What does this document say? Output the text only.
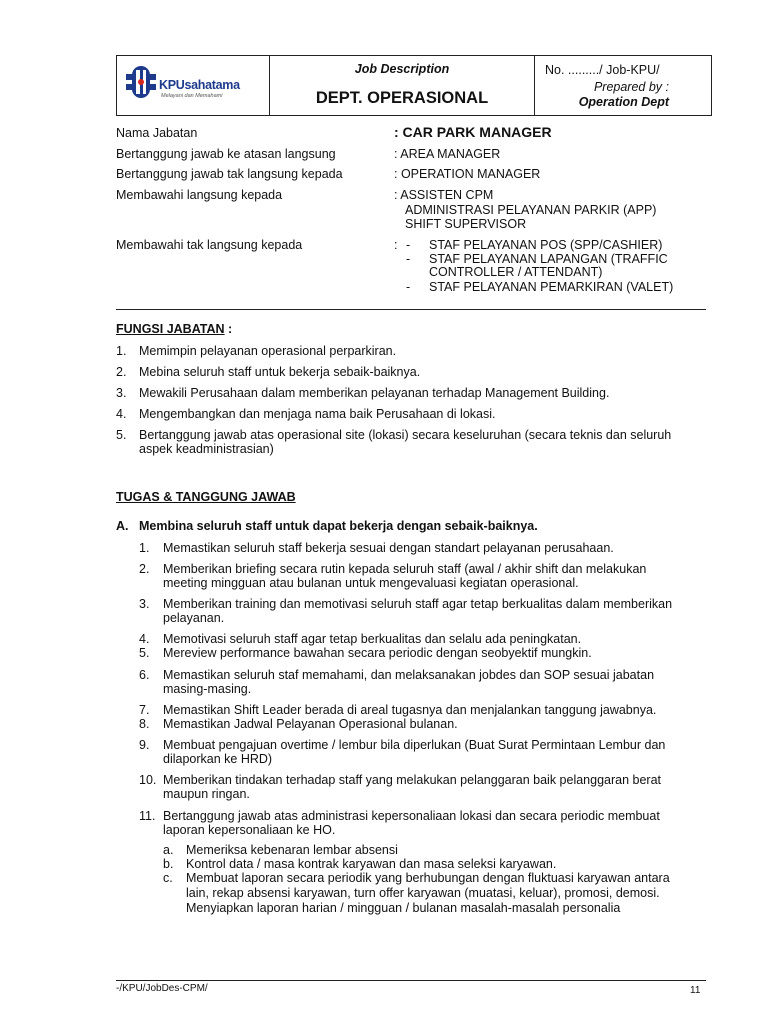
KPUsahatama
Melayani dan Memahami
Job Description
DEPT. OPERASIONAL
No. ........./ Job-KPU/
Prepared by :
Operation Dept
Nama Jabatan	: CAR PARK MANAGER
Bertanggung jawab ke atasan langsung	: AREA MANAGER
Bertanggung jawab tak langsung kepada	: OPERATION MANAGER
Membawahi langsung kepada	: ASSISTEN CPM
ADMINISTRASI PELAYANAN PARKIR (APP)
SHIFT SUPERVISOR
Membawahi tak langsung kepada	: - STAF PELAYANAN POS (SPP/CASHIER)
- STAF PELAYANAN LAPANGAN (TRAFFIC
CONTROLLER / ATTENDANT)
- STAF PELAYANAN PEMARKIRAN (VALET)
FUNGSI JABATAN :
1. Memimpin pelayanan operasional perparkiran.
2. Mebina seluruh staff untuk bekerja sebaik-baiknya.
3. Mewakili Perusahaan dalam memberikan pelayanan terhadap Management Building.
4. Mengembangkan dan menjaga nama baik Perusahaan di lokasi.
5. Bertanggung jawab atas operasional site (lokasi) secara keseluruhan (secara teknis dan seluruh
aspek keadministrasian)
TUGAS & TANGGUNG JAWAB
A. Membina seluruh staff untuk dapat bekerja dengan sebaik-baiknya.
1. Memastikan seluruh staff bekerja sesuai dengan standart pelayanan perusahaan.
2. Memberikan briefing secara rutin kepada seluruh staff (awal / akhir shift dan melakukan
meeting mingguan atau bulanan untuk mengevaluasi kegiatan operasional.
3. Memberikan training dan memotivasi seluruh staff agar tetap berkualitas dalam memberikan
pelayanan.
4. Memotivasi seluruh staff agar tetap berkualitas dan selalu ada peningkatan.
5. Mereview performance bawahan secara periodic dengan seobyektif mungkin.
6. Memastikan seluruh staf memahami, dan melaksanakan jobdes dan SOP sesuai jabatan
masing-masing.
7. Memastikan Shift Leader berada di areal tugasnya dan menjalankan tanggung jawabnya.
8. Memastikan Jadwal Pelayanan Operasional bulanan.
9. Membuat pengajuan overtime / lembur bila diperlukan (Buat Surat Permintaan Lembur dan
dilaporkan ke HRD)
10. Memberikan tindakan terhadap staff yang melakukan pelanggaran baik pelanggaran berat
maupun ringan.
11. Bertanggung jawab atas administrasi kepersonaliaan lokasi dan secara periodic membuat
laporan kepersonaliaan ke HO.
a. Memeriksa kebenaran lembar absensi
b. Kontrol data / masa kontrak karyawan dan masa seleksi karyawan.
c. Membuat laporan secara periodik yang berhubungan dengan fluktuasi karyawan antara
lain, rekap absensi karyawan, turn offer karyawan (muatasi, keluar), promosi, demosi.
Menyiapkan laporan harian / mingguan / bulanan masalah-masalah personalia
-/KPU/JobDes-CPM/	11
